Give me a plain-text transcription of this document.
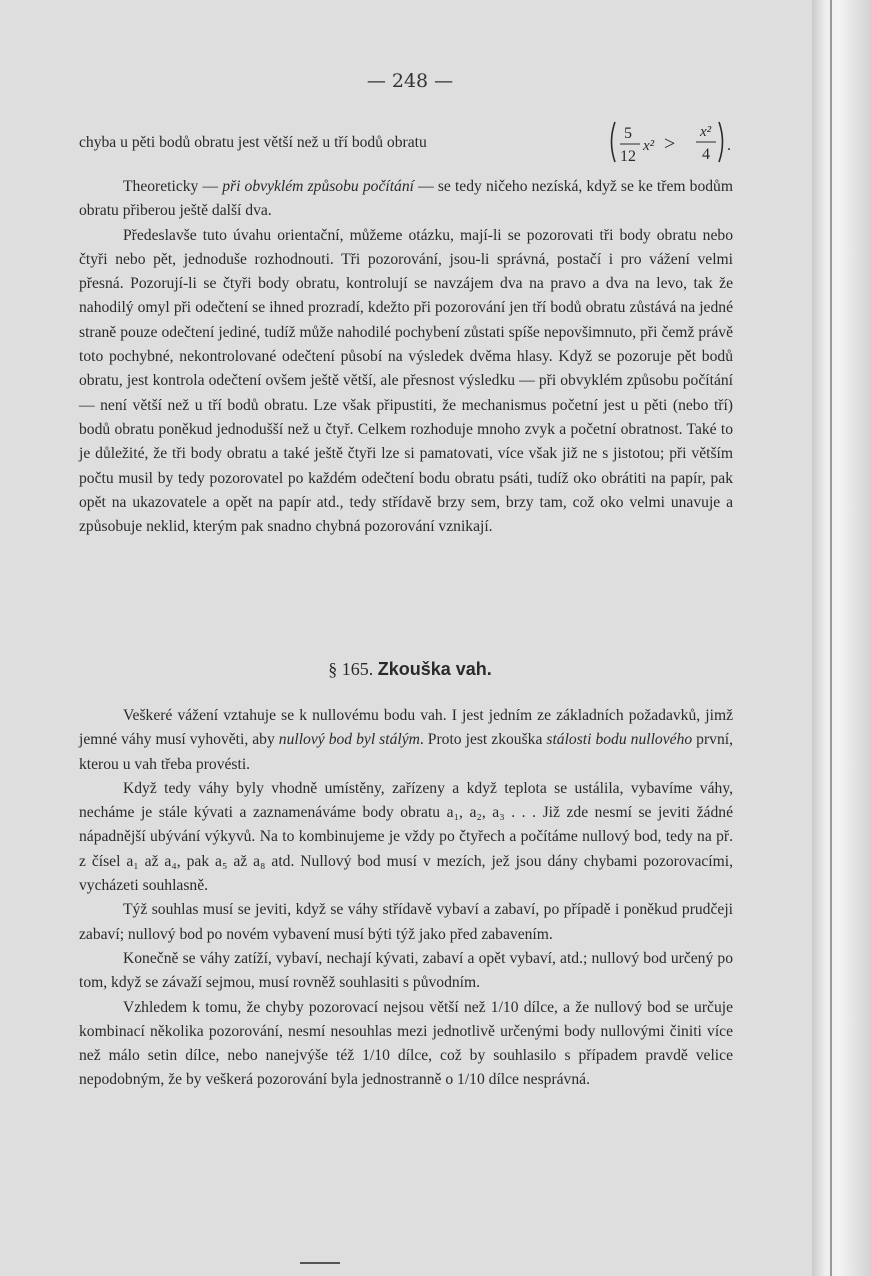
— 248 —
chyba u pěti bodů obratu jest větší než u tří bodů obratu
5
12
x² >
x²
4
.

Theoreticky — při obvyklém způsobu počítání — se tedy ničeho nezíská, když se ke třem bodům obratu přiberou ještě další dva.

Předeslavše tuto úvahu orientační, můžeme otázku, mají-li se pozorovati tři body obratu nebo čtyři nebo pět, jednoduše rozhodnouti. Tři pozorování, jsou-li správná, postačí i pro vážení velmi přesná. Pozorují-li se čtyři body obratu, kontrolují se navzájem dva na pravo a dva na levo, tak že nahodilý omyl při odečtení se ihned prozradí, kdežto při pozorování jen tří bodů obratu zůstává na jedné straně pouze odečtení jediné, tudíž může nahodilé pochybení zůstati spíše nepovšimnuto, při čemž právě toto pochybné, nekontrolované odečtení působí na výsledek dvěma hlasy. Když se pozoruje pět bodů obratu, jest kontrola odečtení ovšem ještě větší, ale přesnost výsledku — při obvyklém způsobu počítání — není větší než u tří bodů obratu. Lze však připustiti, že mechanismus početní jest u pěti (nebo tří) bodů obratu poněkud jednodušší než u čtyř. Celkem rozhoduje mnoho zvyk a početní obratnost. Také to je důležité, že tři body obratu a také ještě čtyři lze si pamatovati, více však již ne s jistotou; při větším počtu musil by tedy pozorovatel po každém odečtení bodu obratu psáti, tudíž oko obrátiti na papír, pak opět na ukazovatele a opět na papír atd., tedy střídavě brzy sem, brzy tam, což oko velmi unavuje a způsobuje neklid, kterým pak snadno chybná pozorování vznikají.

§ 165. Zkouška vah.

Veškeré vážení vztahuje se k nullovému bodu vah. I jest jedním ze základních požadavků, jimž jemné váhy musí vyhověti, aby nullový bod byl stálým. Proto jest zkouška stálosti bodu nullového první, kterou u vah třeba provésti.

Když tedy váhy byly vhodně umístěny, zařízeny a když teplota se ustálila, vybavíme váhy, necháme je stále kývati a zaznamenáváme body obratu a₁, a₂, a₃ . . . Již zde nesmí se jeviti žádné nápadnější ubývání výkyvů. Na to kombinujeme je vždy po čtyřech a počítáme nullový bod, tedy na př. z čísel a₁ až a₄, pak a₅ až a₈ atd. Nullový bod musí v mezích, jež jsou dány chybami pozorovacími, vycházeti souhlasně.

Týž souhlas musí se jeviti, když se váhy střídavě vybaví a zabaví, po případě i poněkud prudčeji zabaví; nullový bod po novém vybavení musí býti týž jako před zabavením.

Konečně se váhy zatíží, vybaví, nechají kývati, zabaví a opět vybaví, atd.; nullový bod určený po tom, když se závaží sejmou, musí rovněž souhlasiti s původním.

Vzhledem k tomu, že chyby pozorovací nejsou větší než 1/10 dílce, a že nullový bod se určuje kombinací několika pozorování, nesmí nesouhlas mezi jednotlivě určenými body nullovými činiti více než málo setin dílce, nebo nanejvýše též 1/10 dílce, což by souhlasilo s případem pravdě velice nepodobným, že by veškerá pozorování byla jednostranně o 1/10 dílce nesprávná.
